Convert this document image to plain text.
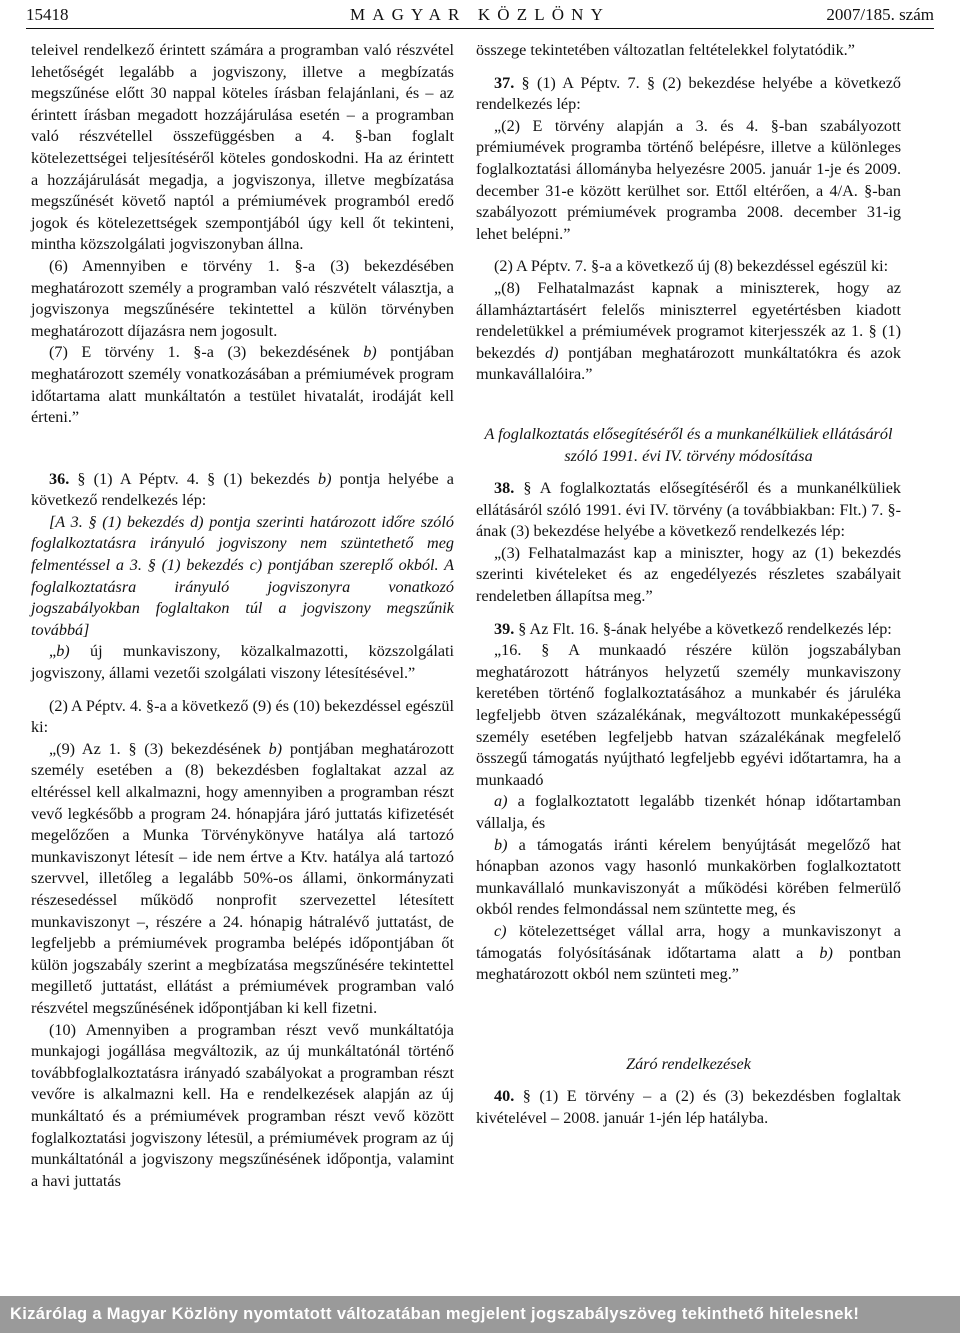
15418	MAGYAR KÖZLÖNY	2007/185. szám

teleivel rendelkező érintett számára a programban való részvétel lehetőségét legalább a jogviszony, illetve a megbízatás megszűnése előtt 30 nappal köteles írásban felajánlani, és – az érintett írásban megadott hozzájárulása esetén – a programban való részvétellel összefüggésben a 4. §-ban foglalt kötelezettségei teljesítéséről köteles gondoskodni. Ha az érintett a hozzájárulását megadja, a jogviszonya, illetve megbízatása megszűnését követő naptól a prémiumévek programból eredő jogok és kötelezettségek szempontjából úgy kell őt tekinteni, mintha közszolgálati jogviszonyban állna.

(6) Amennyiben e törvény 1. §-a (3) bekezdésében meghatározott személy a programban való részvételt választja, a jogviszonya megszűnésére tekintettel a külön törvényben meghatározott díjazásra nem jogosult.

(7) E törvény 1. §-a (3) bekezdésének b) pontjában meghatározott személy vonatkozásában a prémiumévek program időtartama alatt munkáltatón a testület hivatalát, irodáját kell érteni.”

36. § (1) A Péptv. 4. § (1) bekezdés b) pontja helyébe a következő rendelkezés lép:

[A 3. § (1) bekezdés d) pontja szerinti határozott időre szóló foglalkoztatásra irányuló jogviszony nem szüntethető meg felmentéssel a 3. § (1) bekezdés c) pontjában szereplő okból. A foglalkoztatásra irányuló jogviszonyra vonatkozó jogszabályokban foglaltakon túl a jogviszony megszűnik továbbá]

„b) új munkaviszony, közalkalmazotti, közszolgálati jogviszony, állami vezetői szolgálati viszony létesítésével.”

(2) A Péptv. 4. §-a a következő (9) és (10) bekezdéssel egészül ki:

„(9) Az 1. § (3) bekezdésének b) pontjában meghatározott személy esetében a (8) bekezdésben foglaltakat azzal az eltéréssel kell alkalmazni, hogy amennyiben a programban részt vevő legkésőbb a program 24. hónapjára járó juttatás kifizetését megelőzően a Munka Törvénykönyve hatálya alá tartozó munkaviszonyt létesít – ide nem értve a Ktv. hatálya alá tartozó szervvel, illetőleg a legalább 50%-os állami, önkormányzati részesedéssel működő nonprofit szervezettel létesített munkaviszonyt –, részére a 24. hónapig hátralévő juttatást, de legfeljebb a prémiumévek programba belépés időpontjában őt külön jogszabály szerint a megbízatása megszűnésére tekintettel megillető juttatást, ellátást a prémiumévek programban való részvétel megszűnésének időpontjában ki kell fizetni.

(10) Amennyiben a programban részt vevő munkáltatója munkajogi jogállása megváltozik, az új munkáltatónál történő továbbfoglalkoztatásra irányadó szabályokat a programban részt vevőre is alkalmazni kell. Ha e rendelkezések alapján az új munkáltató és a prémiumévek programban részt vevő között foglalkoztatási jogviszony létesül, a prémiumévek program az új munkáltatónál a jogviszony megszűnésének időpontja, valamint a havi juttatás

összege tekintetében változatlan feltételekkel folytatódik.”

37. § (1) A Péptv. 7. § (2) bekezdése helyébe a következő rendelkezés lép:

„(2) E törvény alapján a 3. és 4. §-ban szabályozott prémiumévek programba történő belépésre, illetve a különleges foglalkoztatási állományba helyezésre 2005. január 1-je és 2009. december 31-e között kerülhet sor. Ettől eltérően, a 4/A. §-ban szabályozott prémiumévek programba 2008. december 31-ig lehet belépni.”

(2) A Péptv. 7. §-a a következő új (8) bekezdéssel egészül ki:

„(8) Felhatalmazást kapnak a miniszterek, hogy az államháztartásért felelős miniszterrel egyetértésben kiadott rendeletükkel a prémiumévek programot kiterjesszék az 1. § (1) bekezdés d) pontjában meghatározott munkáltatókra és azok munkavállalóira.”

A foglalkoztatás elősegítéséről és a munkanélküliek ellátásáról szóló 1991. évi IV. törvény módosítása

38. § A foglalkoztatás elősegítéséről és a munkanélküliek ellátásáról szóló 1991. évi IV. törvény (a továbbiakban: Flt.) 7. §-ának (3) bekezdése helyébe a következő rendelkezés lép:

„(3) Felhatalmazást kap a miniszter, hogy az (1) bekezdés szerinti kivételeket és az engedélyezés részletes szabályait rendeletben állapítsa meg.”

39. § Az Flt. 16. §-ának helyébe a következő rendelkezés lép:

„16. § A munkaadó részére külön jogszabályban meghatározott hátrányos helyzetű személy munkaviszony keretében történő foglalkoztatásához a munkabér és járuléka legfeljebb ötven százalékának, megváltozott munkaképességű személy esetében legfeljebb hatvan százalékának megfelelő összegű támogatás nyújtható legfeljebb egyévi időtartamra, ha a munkaadó

a) a foglalkoztatott legalább tizenkét hónap időtartamban vállalja, és

b) a támogatás iránti kérelem benyújtását megelőző hat hónapban azonos vagy hasonló munkakörben foglalkoztatott munkavállaló munkaviszonyát a működési körében felmerülő okból rendes felmondással nem szüntette meg, és

c) kötelezettséget vállal arra, hogy a munkaviszonyt a támogatás folyósításának időtartama alatt a b) pontban meghatározott okból nem szünteti meg.”

Záró rendelkezések

40. § (1) E törvény – a (2) és (3) bekezdésben foglaltak kivételével – 2008. január 1-jén lép hatályba.

Kizárólag a Magyar Közlöny nyomtatott változatában megjelent jogszabályszöveg tekinthető hitelesnek!
